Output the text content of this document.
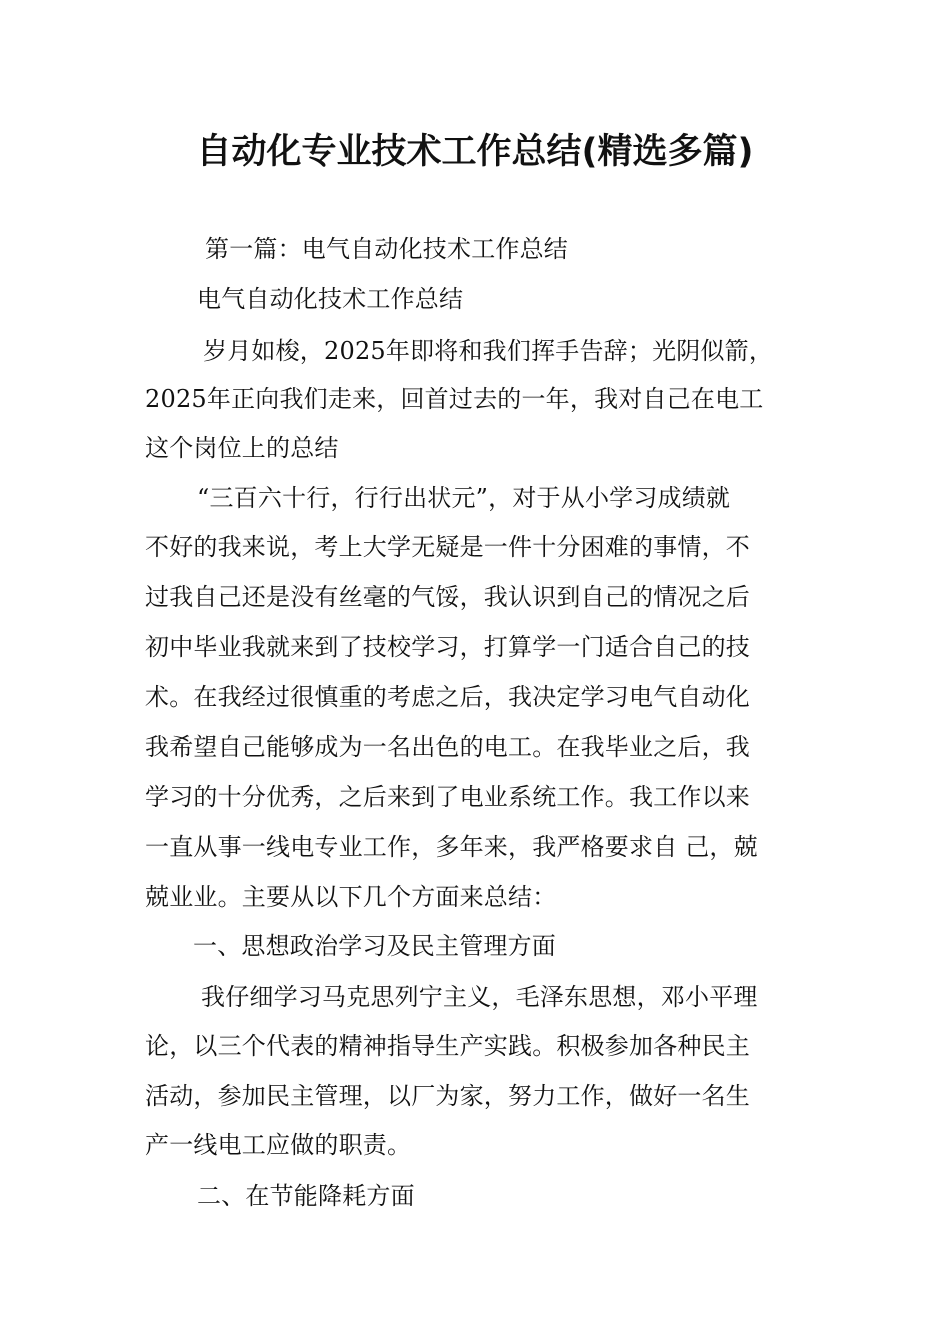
自动化专业技术工作总结(精选多篇)
第一篇：电气自动化技术工作总结
电气自动化技术工作总结
岁月如梭，2025年即将和我们挥手告辞；光阴似箭，
2025年正向我们走来，回首过去的一年，我对自己在电工
这个岗位上的总结
“三百六十行，行行出状元”，对于从小学习成绩就
不好的我来说，考上大学无疑是一件十分困难的事情，不
过我自己还是没有丝毫的气馁，我认识到自己的情况之后
初中毕业我就来到了技校学习，打算学一门适合自己的技
术。在我经过很慎重的考虑之后，我决定学习电气自动化
我希望自己能够成为一名出色的电工。在我毕业之后，我
学习的十分优秀，之后来到了电业系统工作。我工作以来
一直从事一线电专业工作，多年来，我严格要求自 己，兢
兢业业。主要从以下几个方面来总结：
一、思想政治学习及民主管理方面
我仔细学习马克思列宁主义，毛泽东思想，邓小平理
论，以三个代表的精神指导生产实践。积极参加各种民主
活动，参加民主管理，以厂为家，努力工作，做好一名生
产一线电工应做的职责。
二、在节能降耗方面
